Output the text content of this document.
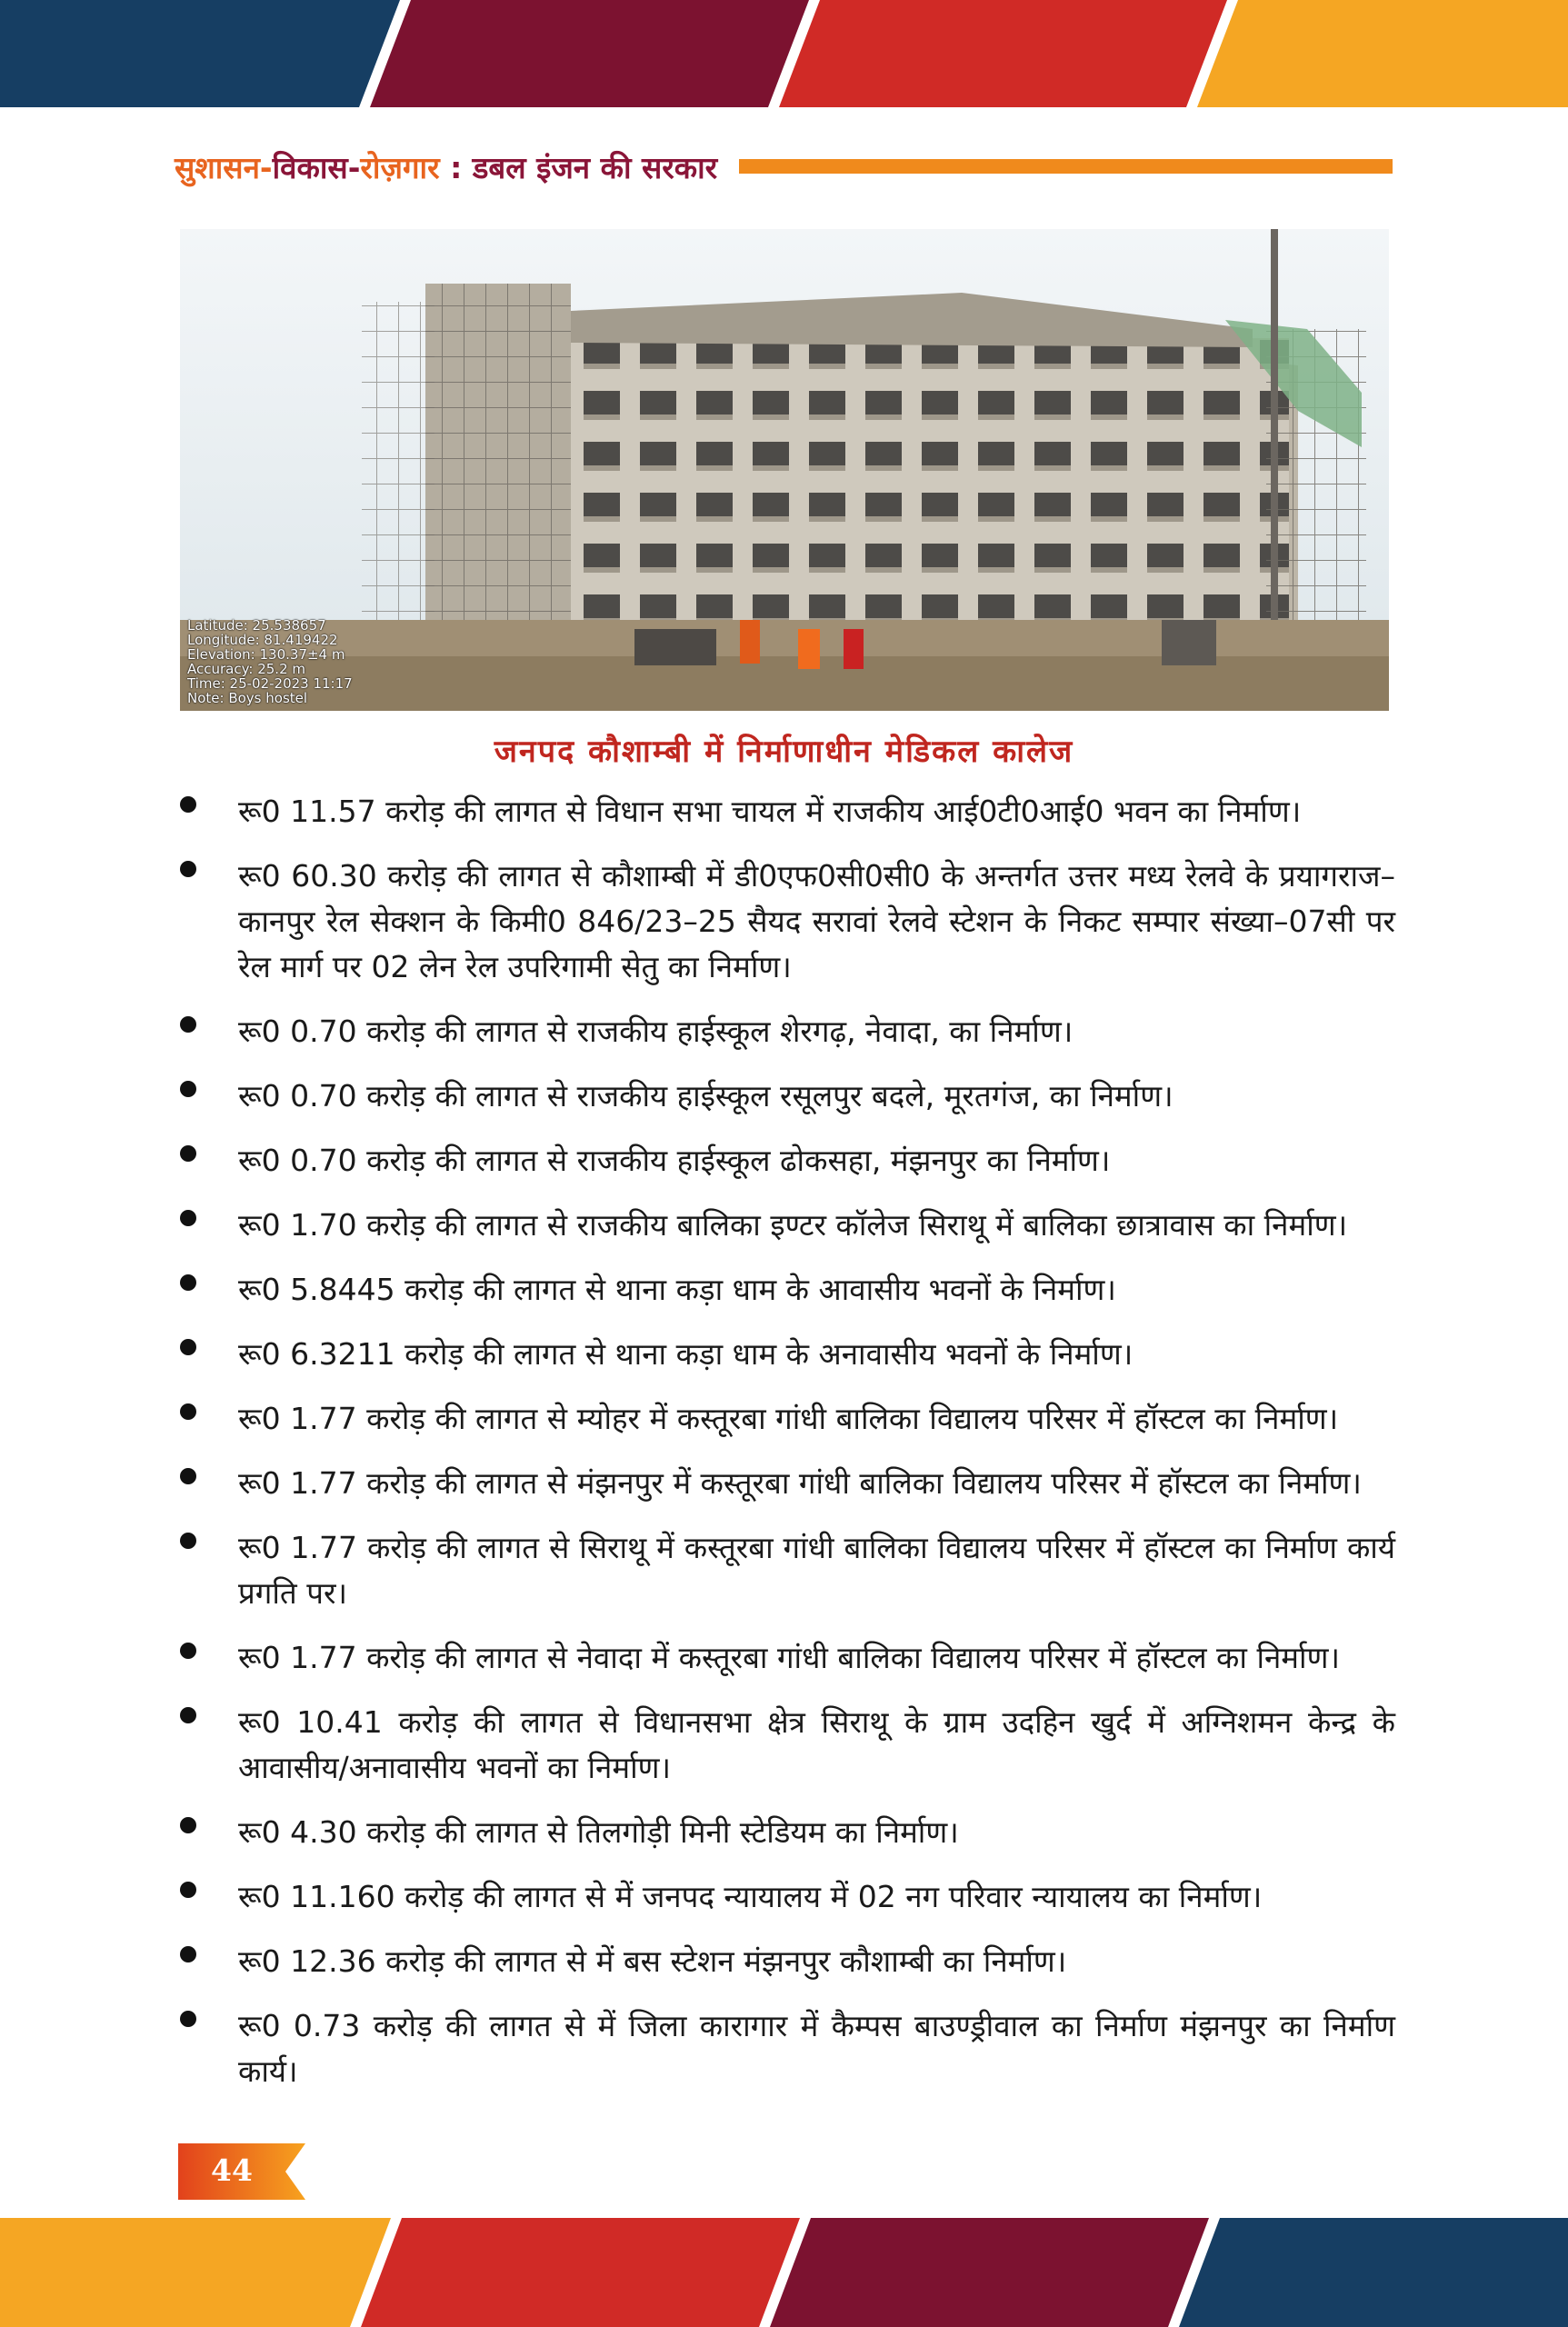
सुशासन-विकास-रोज़गार : डबल इंजन की सरकार
Latitude: 25.538657
Longitude: 81.419422
Elevation: 130.37±4 m
Accuracy: 25.2 m
Time: 25-02-2023 11:17
Note: Boys hostel
जनपद कौशाम्बी में निर्माणाधीन मेडिकल कालेज
रू0 11.57 करोड़ की लागत से विधान सभा चायल में राजकीय आई0टी0आई0 भवन का निर्माण।
रू0 60.30 करोड़ की लागत से कौशाम्बी में डी0एफ0सी0सी0 के अन्तर्गत उत्तर मध्य रेलवे के प्रयागराज–कानपुर रेल सेक्शन के किमी0 846/23–25 सैयद सरावां रेलवे स्टेशन के निकट सम्पार संख्या–07सी पर रेल मार्ग पर 02 लेन रेल उपरिगामी सेतु का निर्माण।
रू0 0.70 करोड़ की लागत से राजकीय हाईस्कूल शेरगढ़, नेवादा, का निर्माण।
रू0 0.70 करोड़ की लागत से राजकीय हाईस्कूल रसूलपुर बदले, मूरतगंज, का निर्माण।
रू0 0.70 करोड़ की लागत से राजकीय हाईस्कूल ढोकसहा, मंझनपुर का निर्माण।
रू0 1.70 करोड़ की लागत से राजकीय बालिका इण्टर कॉलेज सिराथू में बालिका छात्रावास का निर्माण।
रू0 5.8445 करोड़ की लागत से थाना कड़ा धाम के आवासीय भवनों के निर्माण।
रू0 6.3211 करोड़ की लागत से थाना कड़ा धाम के अनावासीय भवनों के निर्माण।
रू0 1.77 करोड़ की लागत से म्योहर में कस्तूरबा गांधी बालिका विद्यालय परिसर में हॉस्टल का निर्माण।
रू0 1.77 करोड़ की लागत से मंझनपुर में कस्तूरबा गांधी बालिका विद्यालय परिसर में हॉस्टल का निर्माण।
रू0 1.77 करोड़ की लागत से सिराथू में कस्तूरबा गांधी बालिका विद्यालय परिसर में हॉस्टल का निर्माण कार्य प्रगति पर।
रू0 1.77 करोड़ की लागत से नेवादा में कस्तूरबा गांधी बालिका विद्यालय परिसर में हॉस्टल का निर्माण।
रू0 10.41 करोड़ की लागत से विधानसभा क्षेत्र सिराथू के ग्राम उदहिन खुर्द में अग्निशमन केन्द्र के आवासीय/अनावासीय भवनों का निर्माण।
रू0 4.30 करोड़ की लागत से तिलगोड़ी मिनी स्टेडियम का निर्माण।
रू0 11.160 करोड़ की लागत से में जनपद न्यायालय में 02 नग परिवार न्यायालय का निर्माण।
रू0 12.36 करोड़ की लागत से में बस स्टेशन मंझनपुर कौशाम्बी का निर्माण।
रू0 0.73 करोड़ की लागत से में जिला कारागार में कैम्पस बाउण्ड्रीवाल का निर्माण मंझनपुर का निर्माण कार्य।
44
